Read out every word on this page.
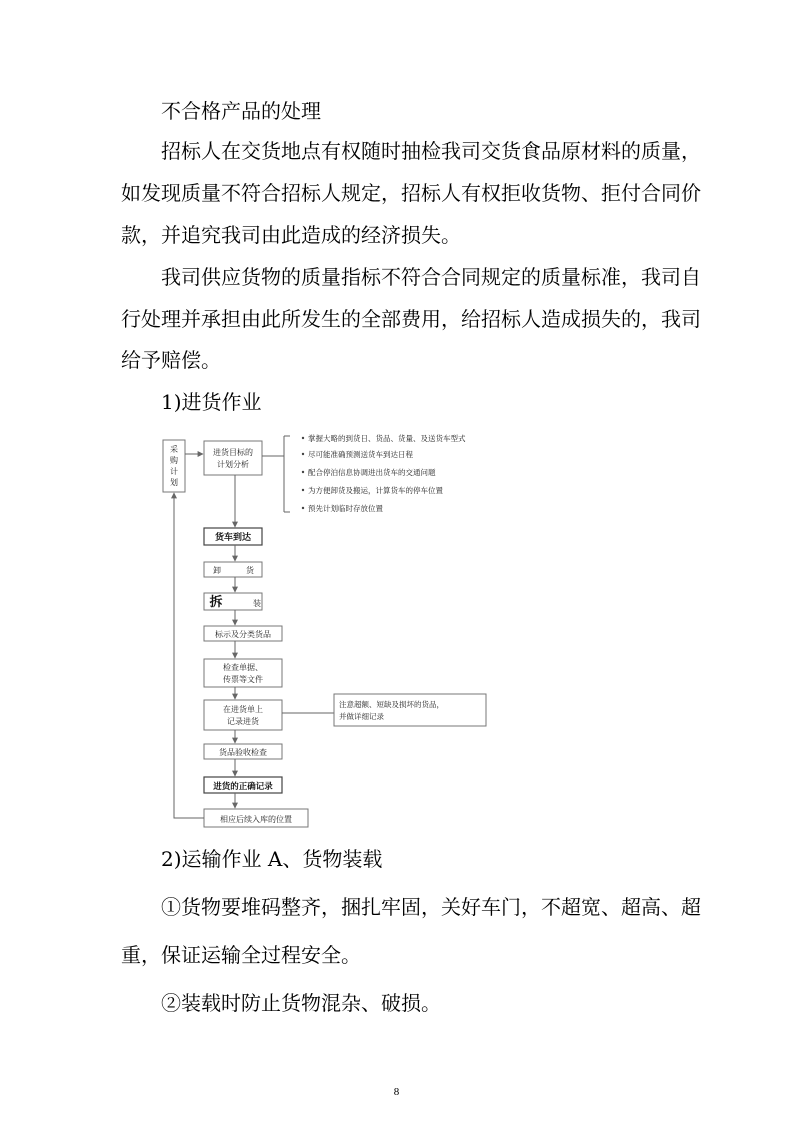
不合格产品的处理
招标人在交货地点有权随时抽检我司交货食品原材料的质量，
如发现质量不符合招标人规定，招标人有权拒收货物、拒付合同价
款，并追究我司由此造成的经济损失。
我司供应货物的质量指标不符合合同规定的质量标准，我司自
行处理并承担由此所发生的全部费用，给招标人造成损失的，我司
给予赔偿。
1)进货作业
采
购
计
划
进货目标的
计划分析
掌握大略的到货日、货品、货量、及送货车型式
尽可能准确预测送货车到达日程
配合停泊信息协调进出货车的交通问题
为方便卸货及搬运，计算货车的停车位置
预先计划临时存放位置
货车到达
卸	货
拆	装
标示及分类货品
检查单据、
传票等文件
在进货单上
记录进货
注意超额、短缺及损坏的货品，
并做详细记录
货品验收检查
进货的正确记录
相应后续入库的位置
2)运输作业 A、货物装载
①货物要堆码整齐，捆扎牢固，关好车门，不超宽、超高、超
重，保证运输全过程安全。
②装载时防止货物混杂、破损。
8
